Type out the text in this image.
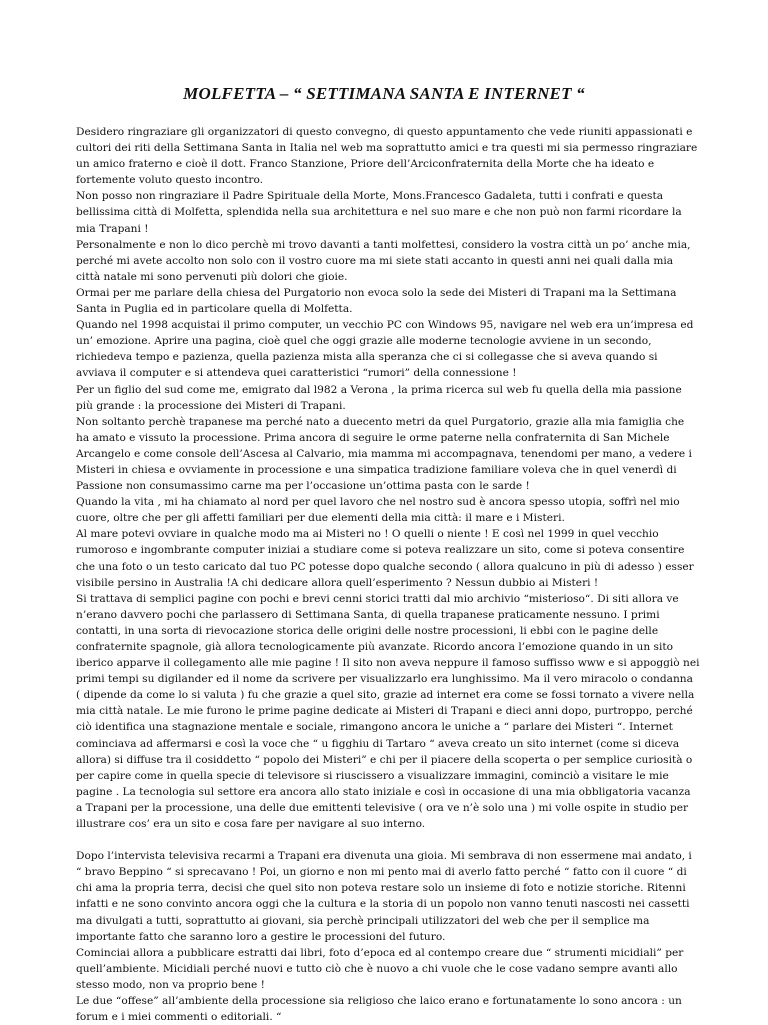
MOLFETTA – “ SETTIMANA SANTA E INTERNET “

Desidero ringraziare gli organizzatori di questo convegno, di questo appuntamento che vede riuniti appassionati e cultori dei riti della Settimana Santa in Italia nel web ma soprattutto amici e tra questi mi sia permesso ringraziare un amico fraterno e cioè il dott. Franco Stanzione, Priore dell’Arciconfraternita della Morte che ha ideato e fortemente voluto questo incontro.

Non posso non ringraziare il Padre Spirituale della Morte, Mons.Francesco Gadaleta, tutti i confrati e questa bellissima città di Molfetta, splendida nella sua architettura e nel suo mare e che non può non farmi ricordare la mia Trapani !

Personalmente e non lo dico perchè mi trovo davanti a tanti molfettesi, considero la vostra città un po’ anche mia, perché mi avete accolto non solo con il vostro cuore ma mi siete stati accanto in questi anni nei quali dalla mia città natale mi sono pervenuti più dolori che gioie.

Ormai per me parlare della chiesa del Purgatorio non evoca solo la sede dei Misteri di Trapani ma la Settimana Santa in Puglia ed in particolare quella di Molfetta.

Quando nel 1998 acquistai il primo computer, un vecchio PC con Windows 95, navigare nel web era un’impresa ed un’ emozione. Aprire una pagina, cioè quel che oggi grazie alle moderne tecnologie avviene in un secondo, richiedeva tempo e pazienza, quella pazienza mista alla speranza che ci si collegasse che si aveva quando si avviava il computer e si attendeva quei caratteristici “rumori” della connessione !

Per un figlio del sud come me, emigrato dal l982 a Verona , la prima ricerca sul web fu quella della mia passione più grande : la processione dei Misteri di Trapani.

Non soltanto perchè trapanese ma perché nato a duecento metri da quel Purgatorio, grazie alla mia famiglia che ha amato e vissuto la processione. Prima ancora di seguire le orme paterne nella confraternita di San Michele Arcangelo e come console dell’Ascesa al Calvario, mia mamma mi accompagnava, tenendomi per mano, a vedere i Misteri in chiesa e ovviamente in processione e una simpatica tradizione familiare voleva che in quel venerdì di Passione non consumassimo carne ma per l’occasione un’ottima pasta con le sarde !

Quando la vita , mi ha chiamato al nord per quel lavoro che nel nostro sud è ancora spesso utopia, soffrì nel mio cuore, oltre che per gli affetti familiari per due elementi della mia città: il mare e i Misteri.

Al mare potevi ovviare in qualche modo ma ai Misteri no ! O quelli o niente ! E così nel 1999 in quel vecchio rumoroso e ingombrante computer iniziai a studiare come si poteva realizzare un sito, come si poteva consentire che una foto o un testo caricato dal tuo PC potesse dopo qualche secondo ( allora qualcuno in più di adesso ) esser visibile persino in Australia !A chi dedicare allora quell’esperimento ? Nessun dubbio ai Misteri !

Si trattava di semplici pagine con pochi e brevi cenni storici tratti dal mio archivio “misterioso“. Di siti allora ve n’erano davvero pochi che parlassero di Settimana Santa, di quella trapanese praticamente nessuno. I primi contatti, in una sorta di rievocazione storica delle origini delle nostre processioni, li ebbi con le pagine delle confraternite spagnole, già allora tecnologicamente più avanzate. Ricordo ancora l’emozione quando in un sito iberico apparve il collegamento alle mie pagine ! Il sito non aveva neppure il famoso suffisso www e si appoggiò nei primi tempi su digilander ed il nome da scrivere per visualizzarlo era lunghissimo. Ma il vero miracolo o condanna ( dipende da come lo si valuta ) fu che grazie a quel sito, grazie ad internet era come se fossi tornato a vivere nella mia città natale. Le mie furono le prime pagine dedicate ai Misteri di Trapani e dieci anni dopo, purtroppo, perché ciò identifica una stagnazione mentale e sociale, rimangono ancora le uniche a “ parlare dei Misteri “. Internet cominciava ad affermarsi e così la voce che “ u figghiu di Tartaro “ aveva creato un sito internet (come si diceva allora) si diffuse tra il cosiddetto “ popolo dei Misteri” e chi per il piacere della scoperta o per semplice curiosità o per capire come in quella specie di televisore si riuscissero a visualizzare immagini, cominciò a visitare le mie pagine . La tecnologia sul settore era ancora allo stato iniziale e così in occasione di una mia obbligatoria vacanza a Trapani per la processione, una delle due emittenti televisive ( ora ve n’è solo una ) mi volle ospite in studio per illustrare cos’ era un sito e cosa fare per navigare al suo interno.

Dopo l’intervista televisiva recarmi a Trapani era divenuta una gioia. Mi sembrava di non essermene mai andato, i “ bravo Beppino “ si sprecavano ! Poi, un giorno e non mi pento mai di averlo fatto perché “ fatto con il cuore “ di chi ama la propria terra, decisi che quel sito non poteva restare solo un insieme di foto e notizie storiche. Ritenni infatti e ne sono convinto ancora oggi che la cultura e la storia di un popolo non vanno tenuti nascosti nei cassetti ma divulgati a tutti, soprattutto ai giovani, sia perchè principali utilizzatori del web che per il semplice ma importante fatto che saranno loro a gestire le processioni del futuro.

Cominciai allora a pubblicare estratti dai libri, foto d’epoca ed al contempo creare due “ strumenti micidiali” per quell’ambiente. Micidiali perché nuovi e tutto ciò che è nuovo a chi vuole che le cose vadano sempre avanti allo stesso modo, non va proprio bene !

Le due “offese” all’ambiente della processione sia religioso che laico erano e fortunatamente lo sono ancora : un forum e i miei commenti o editoriali. “
